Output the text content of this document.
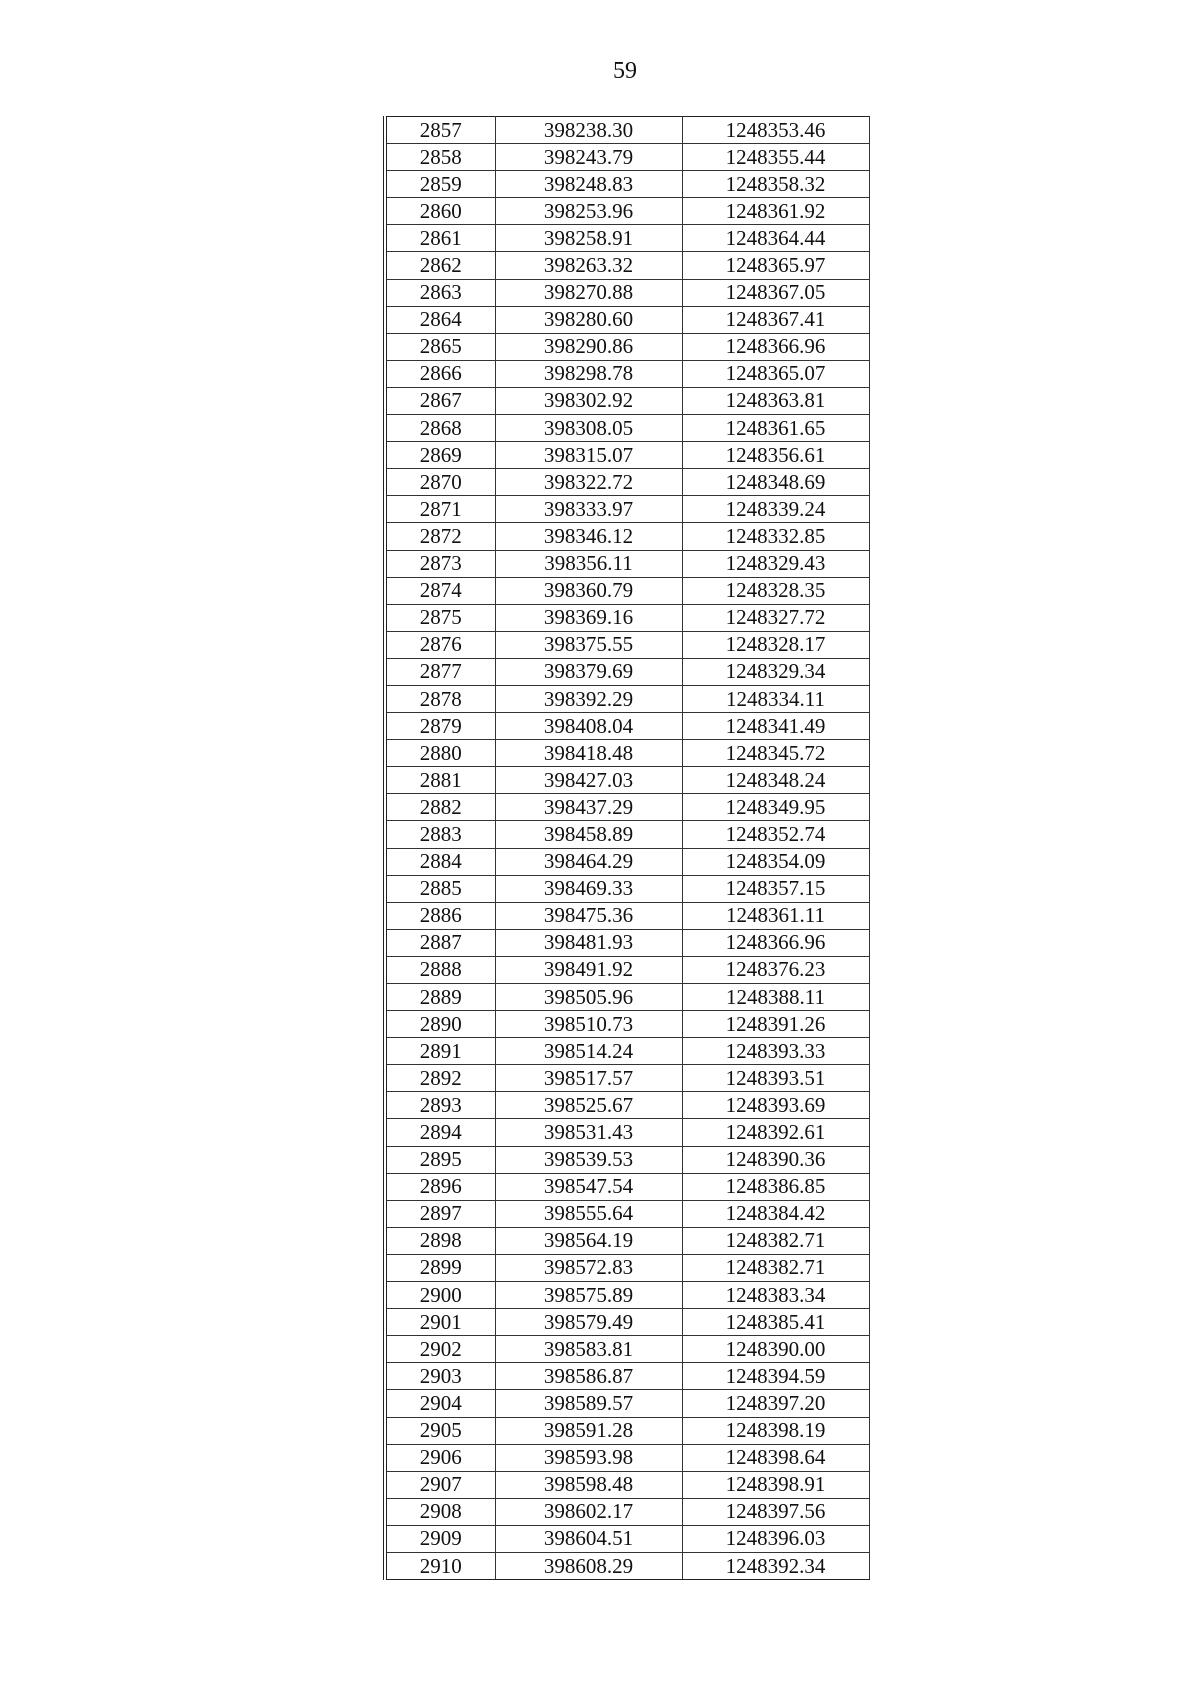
59
2857	398238.30	1248353.46
2858	398243.79	1248355.44
2859	398248.83	1248358.32
2860	398253.96	1248361.92
2861	398258.91	1248364.44
2862	398263.32	1248365.97
2863	398270.88	1248367.05
2864	398280.60	1248367.41
2865	398290.86	1248366.96
2866	398298.78	1248365.07
2867	398302.92	1248363.81
2868	398308.05	1248361.65
2869	398315.07	1248356.61
2870	398322.72	1248348.69
2871	398333.97	1248339.24
2872	398346.12	1248332.85
2873	398356.11	1248329.43
2874	398360.79	1248328.35
2875	398369.16	1248327.72
2876	398375.55	1248328.17
2877	398379.69	1248329.34
2878	398392.29	1248334.11
2879	398408.04	1248341.49
2880	398418.48	1248345.72
2881	398427.03	1248348.24
2882	398437.29	1248349.95
2883	398458.89	1248352.74
2884	398464.29	1248354.09
2885	398469.33	1248357.15
2886	398475.36	1248361.11
2887	398481.93	1248366.96
2888	398491.92	1248376.23
2889	398505.96	1248388.11
2890	398510.73	1248391.26
2891	398514.24	1248393.33
2892	398517.57	1248393.51
2893	398525.67	1248393.69
2894	398531.43	1248392.61
2895	398539.53	1248390.36
2896	398547.54	1248386.85
2897	398555.64	1248384.42
2898	398564.19	1248382.71
2899	398572.83	1248382.71
2900	398575.89	1248383.34
2901	398579.49	1248385.41
2902	398583.81	1248390.00
2903	398586.87	1248394.59
2904	398589.57	1248397.20
2905	398591.28	1248398.19
2906	398593.98	1248398.64
2907	398598.48	1248398.91
2908	398602.17	1248397.56
2909	398604.51	1248396.03
2910	398608.29	1248392.34
